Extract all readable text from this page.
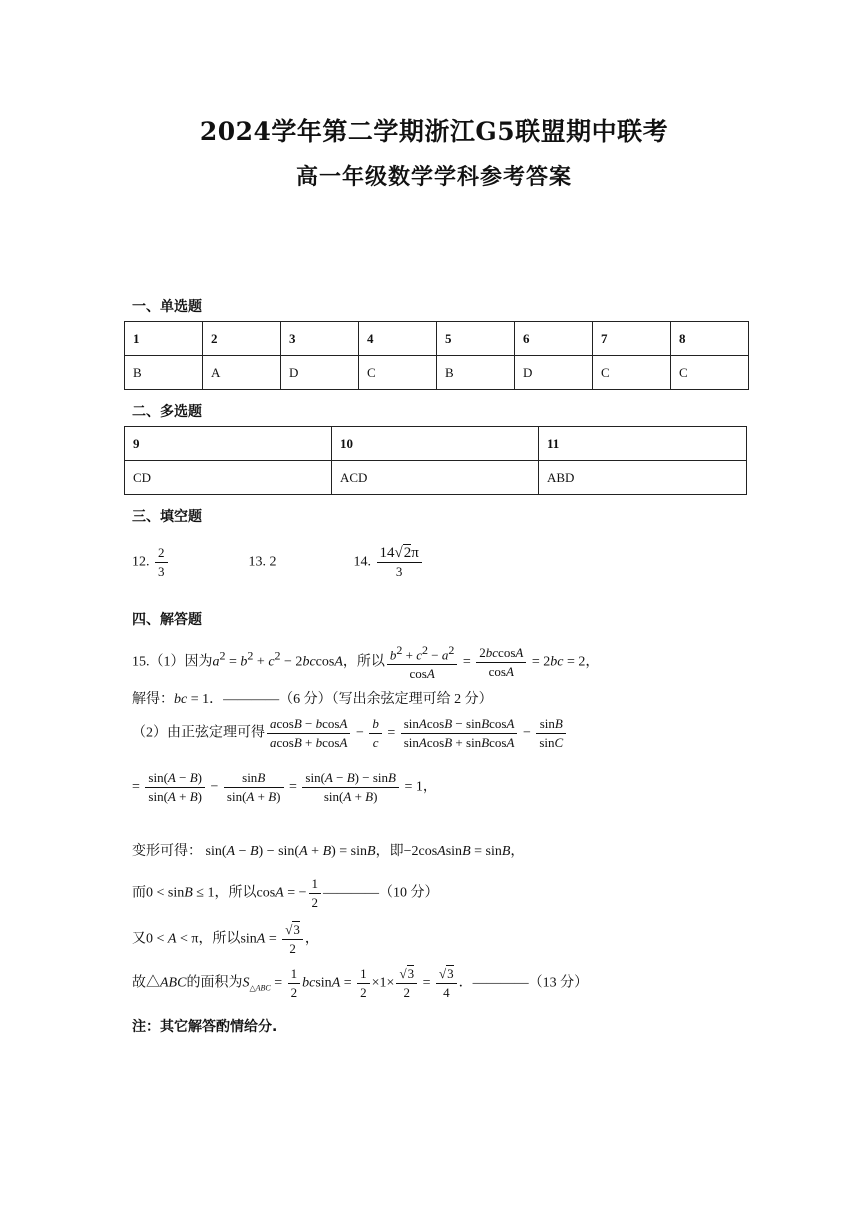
2024学年第二学期浙江G5联盟期中联考
高一年级数学学科参考答案
一、单选题
1	2	3	4	5	6	7	8
B	A	D	C	B	D	C	C
二、多选题
9	10	11
CD	ACD	ABD
三、填空题
12. $\frac{2}{3}$	13. 2	14. $\frac{14√2\pi}{3}$
四、解答题
15.（1）因为$a^2 = b^2 + c^2 - 2bccosA$，所以 $\frac{b^2 + c^2 - a^2}{\cos A} = \frac{2bccosA}{\cos A} = 2bc = 2$，
解得：bc = 1．————（6 分）（写出余弦定理可给 2 分）
（2）由正弦定理可得 $\frac{acosB - bcosA}{acosB + bcosA} - \frac{b}{c} = \frac{\text{sinAcosB − sinBcosA}}{\text{sinAcosB + sinBcosA}} - \frac{\sin B}{\sin C}$
= $\frac{\sin(A - B)}{\sin(A + B)} - \frac{\sin B}{\sin(A + B)} = \frac{\sin(A - B) - \sin B}{\sin(A + B)} = 1$，
变形可得： sin(A − B) − sin(A + B) = sinB，即−2cosAsinB = sinB，
而0 < sinB ≤ 1，所以cosA = − $\frac{1}{2}$ ————（10 分）
又0 < A < π，所以$\sin A = \frac{√3}{2}$ ，
故△ABC的面积为$S_{\triangle ABC} = \frac{1}{2}$ $bcsinA = \frac{1}{2} \times 1\times \frac{√3}{2} = \frac{√3}{4}$ ．————（13 分）
注：其它解答酌情给分.
